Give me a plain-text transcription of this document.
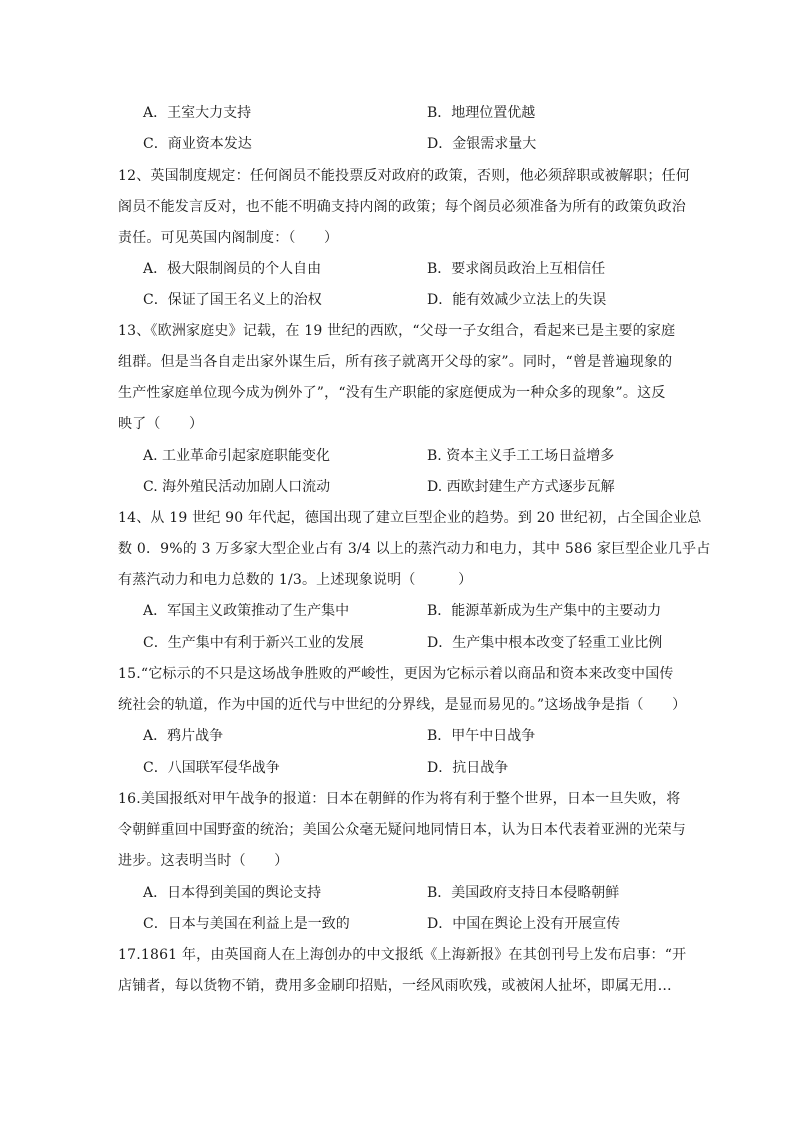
A．王室大力支持	B．地理位置优越
C．商业资本发达	D．金银需求量大
12、英国制度规定：任何阁员不能投票反对政府的政策，否则，他必须辞职或被解职；任何
阁员不能发言反对，也不能不明确支持内阁的政策；每个阁员必须准备为所有的政策负政治
责任。可见英国内阁制度：（　　）
A．极大限制阁员的个人自由	B．要求阁员政治上互相信任
C．保证了国王名义上的治权	D．能有效减少立法上的失误
13、《欧洲家庭史》记载，在 19 世纪的西欧，“父母一子女组合，看起来已是主要的家庭
组群。但是当各自走出家外谋生后，所有孩子就离开父母的家”。同时，“曾是普遍现象的
生产性家庭单位现今成为例外了”，“没有生产职能的家庭便成为一种众多的现象”。这反
映了（　　）
A. 工业革命引起家庭职能变化	B. 资本主义手工工场日益增多
C. 海外殖民活动加剧人口流动	D. 西欧封建生产方式逐步瓦解
14、从 19 世纪 90 年代起，德国出现了建立巨型企业的趋势。到 20 世纪初，占全国企业总
数 0．9%的 3 万多家大型企业占有 3/4 以上的蒸汽动力和电力，其中 586 家巨型企业几乎占
有蒸汽动力和电力总数的 1/3。上述现象说明（　　　）
A．军国主义政策推动了生产集中	B．能源革新成为生产集中的主要动力
C．生产集中有利于新兴工业的发展	D．生产集中根本改变了轻重工业比例
15.“它标示的不只是这场战争胜败的严峻性，更因为它标示着以商品和资本来改变中国传
统社会的轨道，作为中国的近代与中世纪的分界线，是显而易见的。”这场战争是指（　　）
A．鸦片战争	B．甲午中日战争
C．八国联军侵华战争	D．抗日战争
16.美国报纸对甲午战争的报道：日本在朝鲜的作为将有利于整个世界，日本一旦失败，将
令朝鲜重回中国野蛮的统治；美国公众毫无疑问地同情日本，认为日本代表着亚洲的光荣与
进步。这表明当时（　　）
A．日本得到美国的舆论支持	B．美国政府支持日本侵略朝鲜
C．日本与美国在利益上是一致的	D．中国在舆论上没有开展宣传
17.1861 年，由英国商人在上海创办的中文报纸《上海新报》在其创刊号上发布启事：“开
店铺者，每以货物不销，费用多金刷印招贴，一经风雨吹残，或被闲人扯坏，即属无用…
